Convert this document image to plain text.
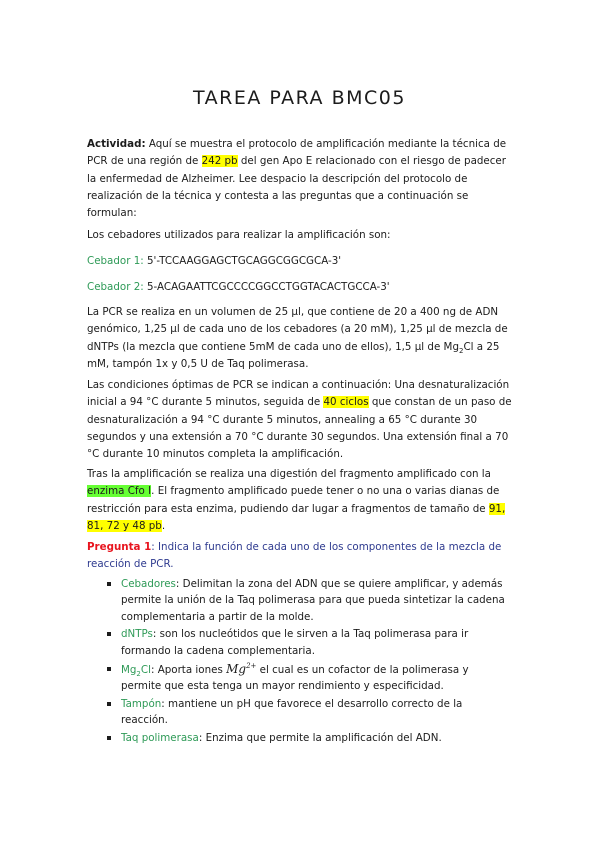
TAREA PARA BMC05

Actividad: Aquí se muestra el protocolo de amplificación mediante la técnica de PCR de una región de 242 pb del gen Apo E relacionado con el riesgo de padecer la enfermedad de Alzheimer. Lee despacio la descripción del protocolo de realización de la técnica y contesta a las preguntas que a continuación se formulan:

Los cebadores utilizados para realizar la amplificación son:

Cebador 1: 5'-TCCAAGGAGCTGCAGGCGGCGCA-3'

Cebador 2: 5-ACAGAATTCGCCCCGGCCTGGTACACTGCCA-3'

La PCR se realiza en un volumen de 25 µl, que contiene de 20 a 400 ng de ADN genómico, 1,25 µl de cada uno de los cebadores (a 20 mM), 1,25 µl de mezcla de dNTPs (la mezcla que contiene 5mM de cada uno de ellos), 1,5 µl de $Mg_2Cl$ a 25 mM, tampón 1x y 0,5 U de Taq polimerasa.

Las condiciones óptimas de PCR se indican a continuación: Una desnaturalización inicial a 94 °C durante 5 minutos, seguida de 40 ciclos que constan de un paso de desnaturalización a 94 °C durante 5 minutos, annealing a 65 °C durante 30 segundos y una extensión a 70 °C durante 30 segundos. Una extensión final a 70 °C durante 10 minutos completa la amplificación.

Tras la amplificación se realiza una digestión del fragmento amplificado con la enzima Cfo I. El fragmento amplificado puede tener o no una o varias dianas de restricción para esta enzima, pudiendo dar lugar a fragmentos de tamaño de 91, 81, 72 y 48 pb.

Pregunta 1: Indica la función de cada uno de los componentes de la mezcla de reacción de PCR.

Cebadores: Delimitan la zona del ADN que se quiere amplificar, y además permite la unión de la Taq polimerasa para que pueda sintetizar la cadena complementaria a partir de la molde.
dNTPs: son los nucleótidos que le sirven a la Taq polimerasa para ir formando la cadena complementaria.
$Mg_2Cl$: Aporta iones $Mg^{2+}$ el cual es un cofactor de la polimerasa y permite que esta tenga un mayor rendimiento y especificidad.
Tampón: mantiene un pH que favorece el desarrollo correcto de la reacción.
Taq polimerasa: Enzima que permite la amplificación del ADN.
